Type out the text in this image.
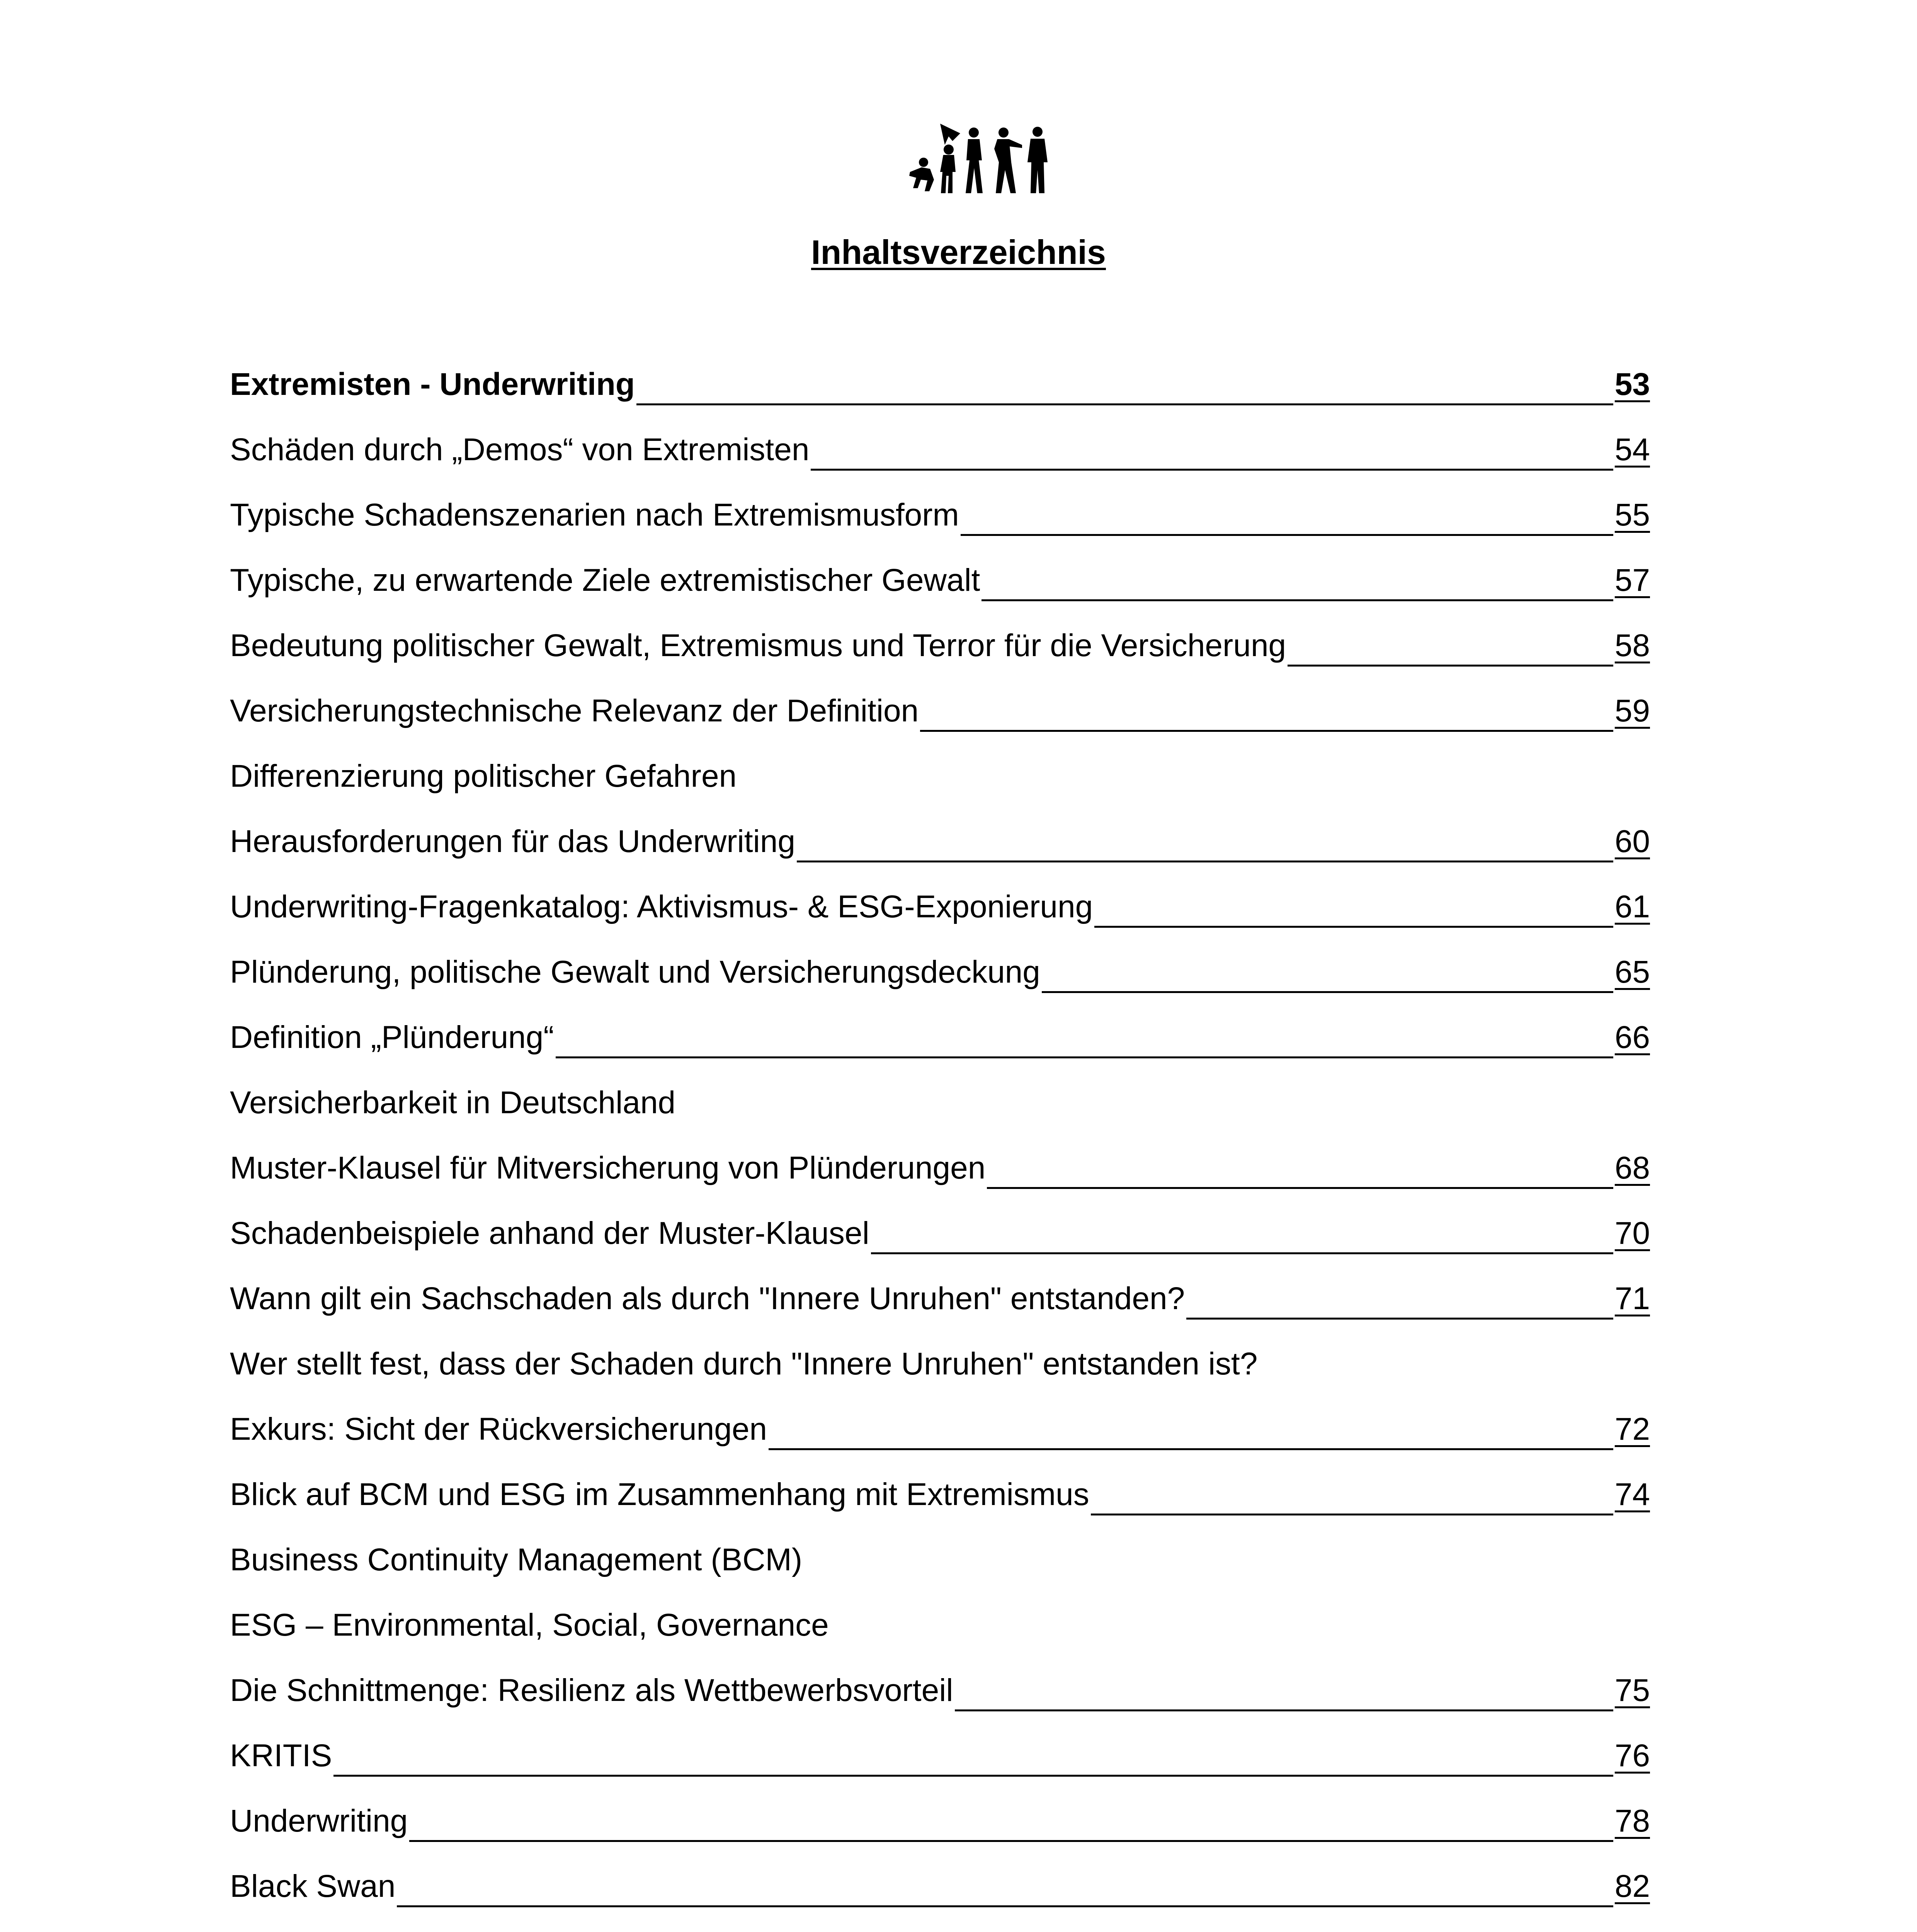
Inhaltsverzeichnis
Extremisten - Underwriting	53
Schäden durch „Demos“ von Extremisten	54
Typische Schadenszenarien nach Extremismusform	55
Typische, zu erwartende Ziele extremistischer Gewalt	57
Bedeutung politischer Gewalt, Extremismus und Terror für die Versicherung	58
Versicherungstechnische Relevanz der Definition	59
Differenzierung politischer Gefahren
Herausforderungen für das Underwriting	60
Underwriting-Fragenkatalog: Aktivismus- & ESG-Exponierung	61
Plünderung, politische Gewalt und Versicherungsdeckung	65
Definition „Plünderung“	66
Versicherbarkeit in Deutschland
Muster-Klausel für Mitversicherung von Plünderungen	68
Schadenbeispiele anhand der Muster-Klausel	70
Wann gilt ein Sachschaden als durch "Innere Unruhen" entstanden?	71
Wer stellt fest, dass der Schaden durch "Innere Unruhen" entstanden ist?
Exkurs: Sicht der Rückversicherungen	72
Blick auf BCM und ESG im Zusammenhang mit Extremismus	74
Business Continuity Management (BCM)
ESG – Environmental, Social, Governance
Die Schnittmenge: Resilienz als Wettbewerbsvorteil	75
KRITIS	76
Underwriting	78
Black Swan	82
